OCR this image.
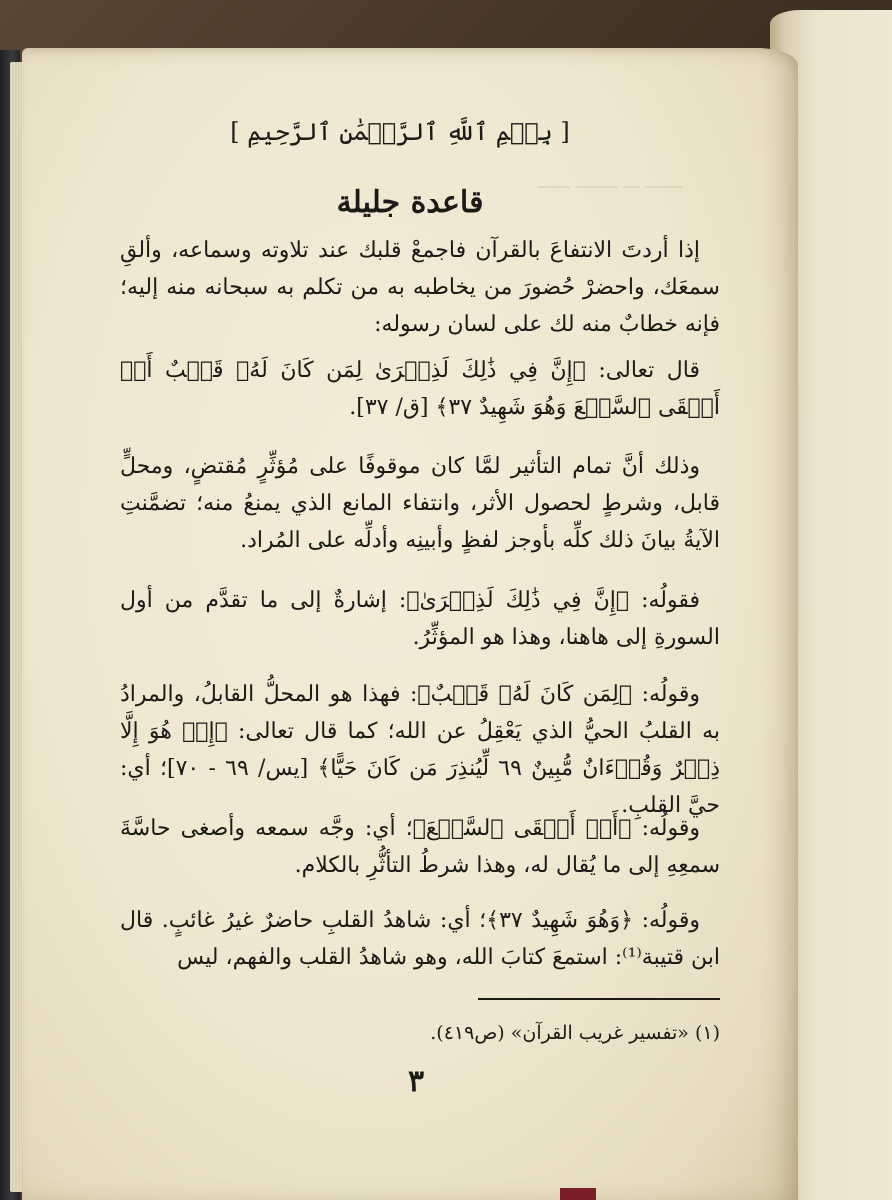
﻿ـــــــ ـــ ــــــــ ــــــ
[ بِسۡمِ ٱللَّهِ ٱلرَّحۡمَٰنِ ٱلرَّحِيمِ ]
قاعدة جليلة
إذا أردتَ الانتفاعَ بالقرآن فاجمعْ قلبك عند تلاوته وسماعه، وألقِ سمعَك، واحضرْ حُضورَ من يخاطبه به من تكلم به سبحانه منه إليه؛ فإنه خطابٌ منه لك على لسان رسوله:
قال تعالى: ﴿إِنَّ فِي ذَٰلِكَ لَذِكۡرَىٰ لِمَن كَانَ لَهُۥ قَلۡبٌ أَوۡ أَلۡقَى ٱلسَّمۡعَ وَهُوَ شَهِيدٌ ٣٧﴾ [ق/ ٣٧].
وذلك أنَّ تمام التأثير لمَّا كان موقوفًا على مُؤثِّرٍ مُقتضٍ، ومحلٍّ قابل، وشرطٍ لحصول الأثر، وانتفاء المانع الذي يمنعُ منه؛ تضمَّنتِ الآيةُ بيانَ ذلك كلِّه بأوجز لفظٍ وأبينِه وأدلِّه على المُراد.
فقولُه: ﴿إِنَّ فِي ذَٰلِكَ لَذِكۡرَىٰ﴾: إشارةٌ إلى ما تقدَّم من أول السورةِ إلى هاهنا، وهذا هو المؤثِّرُ.
وقولُه: ﴿لِمَن كَانَ لَهُۥ قَلۡبٌ﴾: فهذا هو المحلُّ القابلُ، والمرادُ به القلبُ الحيُّ الذي يَعْقِلُ عن الله؛ كما قال تعالى: ﴿إِنۡ هُوَ إِلَّا ذِكۡرٌ وَقُرۡءَانٌ مُّبِينٌ ٦٩ لِّيُنذِرَ مَن كَانَ حَيًّا﴾ [يس/ ٦٩ - ٧٠]؛ أي: حيَّ القلبِ.
وقولُه: ﴿أَوۡ أَلۡقَى ٱلسَّمۡعَ﴾؛ أي: وجَّه سمعه وأصغى حاسَّةَ سمعِهِ إلى ما يُقال له، وهذا شرطُ التأثُّرِ بالكلام.
وقولُه: ﴿وَهُوَ شَهِيدٌ ٣٧﴾؛ أي: شاهدُ القلبِ حاضرٌ غيرُ غائبٍ. قال ابن قتيبة⁽¹⁾: استمعَ كتابَ الله، وهو شاهدُ القلب والفهم، ليس
(١) «تفسير غريب القرآن» (ص٤١٩).
٣
